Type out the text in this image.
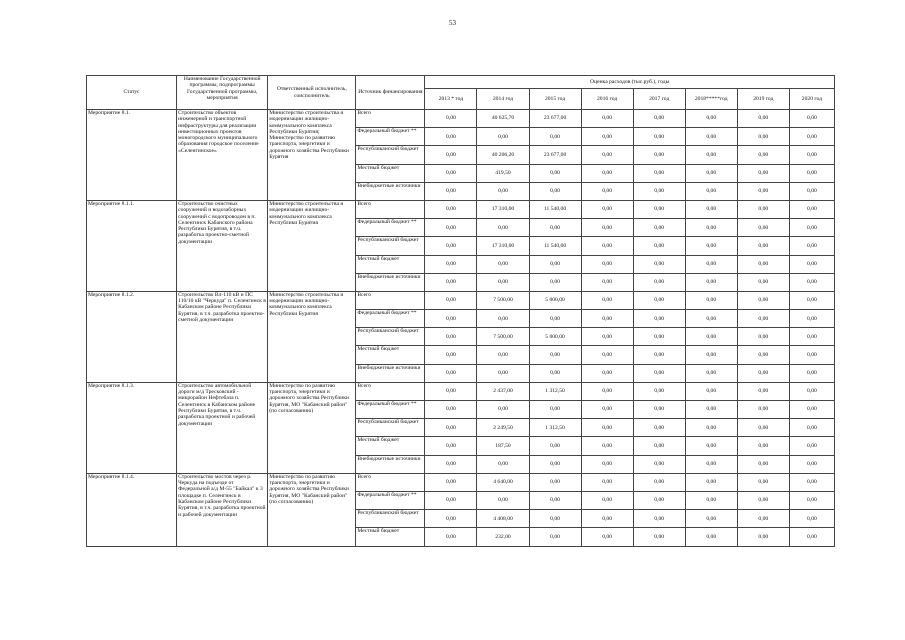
53
Статус	Наименование Государственной программы, подпрограммы Государственной программы, мероприятия	Ответственный исполнитель, соисполнитель	Источник финансирования	Оценка расходов (тыс.руб.), годы							
				2013 * год	2014 год	2015 год	2016 год	2017 год	2018*****год	2019 год	2020 год

Мероприятие 8.1.	Строительство объектов инженерной и транспортной инфраструктуры для реализации инвестиционных проектов моногородского муниципального образования городское поселение «Селенгинское»	Министерство строительства и модернизации жилищно-коммунального комплекса Республики Бурятия; Министерство по развитию транспорта, энергетики и дорожного хозяйства Республики Бурятия	Всего	0,00	40 625,70	23 677,00	0,00	0,00	0,00	0,00	0,00
			Федеральный бюджет **	0,00	0,00	0,00	0,00	0,00	0,00	0,00	0,00
			Республиканский бюджет	0,00	40 206,20	23 677,00	0,00	0,00	0,00	0,00	0,00
			Местный бюджет	0,00	419,50	0,00	0,00	0,00	0,00	0,00	0,00
			Внебюджетные источники	0,00	0,00	0,00	0,00	0,00	0,00	0,00	0,00

Мероприятие 8.1.1.	Строительство очистных сооружений и водозаборных сооружений с водопроводом в п. Селенгинск Кабанского района Республики Бурятия, в т.ч. разработка проектно-сметной документации	Министерство строительства и модернизации жилищно-коммунального комплекса Республики Бурятия	Всего	0,00	17 310,00	11 540,00	0,00	0,00	0,00	0,00	0,00
			Федеральный бюджет **	0,00	0,00	0,00	0,00	0,00	0,00	0,00	0,00
			Республиканский бюджет	0,00	17 310,00	11 540,00	0,00	0,00	0,00	0,00	0,00
			Местный бюджет	0,00	0,00	0,00	0,00	0,00	0,00	0,00	0,00
			Внебюджетные источники	0,00	0,00	0,00	0,00	0,00	0,00	0,00	0,00

Мероприятие 8.1.2.	Строительство Вл-110 кВ и ПС 110/10 кВ "Черкуда" п. Селенгинск в Кабанском районе Республики Бурятия, в т.ч. разработка проектно-сметной документации	Министерство строительства и модернизации жилищно-коммунального комплекса Республики Бурятия	Всего	0,00	7 500,00	5 000,00	0,00	0,00	0,00	0,00	0,00
			Федеральный бюджет **	0,00	0,00	0,00	0,00	0,00	0,00	0,00	0,00
			Республиканский бюджет	0,00	7 500,00	5 000,00	0,00	0,00	0,00	0,00	0,00
			Местный бюджет	0,00	0,00	0,00	0,00	0,00	0,00	0,00	0,00
			Внебюджетные источники	0,00	0,00	0,00	0,00	0,00	0,00	0,00	0,00

Мероприятие 8.1.3.	Строительство автомобильной дороги м/д Тресковский - микрорайон Нефтебаза п. Селенгинск в Кабанском районе Республики Бурятия, в т.ч. разработка проектной и рабочей документации	Министерство по развитию транспорта, энергетики и дорожного хозяйства Республики Бурятия, МО "Кабанский район" (по согласованию)	Всего	0,00	2 437,00	1 312,50	0,00	0,00	0,00	0,00	0,00
			Федеральный бюджет **	0,00	0,00	0,00	0,00	0,00	0,00	0,00	0,00
			Республиканский бюджет	0,00	2 249,50	1 312,50	0,00	0,00	0,00	0,00	0,00
			Местный бюджет	0,00	187,50	0,00	0,00	0,00	0,00	0,00	0,00
			Внебюджетные источники	0,00	0,00	0,00	0,00	0,00	0,00	0,00	0,00

Мероприятие 8.1.4.	Строительство мостов через р. Черкуда на подъезде от Федеральной а/д М-55 "Байкал" к 3 площадке п. Селенгинск в Кабанском районе Республики Бурятия, в т.ч. разработка проектной и рабочей документации	Министерство по развитию транспорта, энергетики и дорожного хозяйства Республики Бурятия, МО "Кабанский район" (по согласованию)	Всего	0,00	4 640,00	0,00	0,00	0,00	0,00	0,00	0,00
			Федеральный бюджет **	0,00	0,00	0,00	0,00	0,00	0,00	0,00	0,00
			Республиканский бюджет	0,00	4 408,00	0,00	0,00	0,00	0,00	0,00	0,00
			Местный бюджет	0,00	232,00	0,00	0,00	0,00	0,00	0,00	0,00
